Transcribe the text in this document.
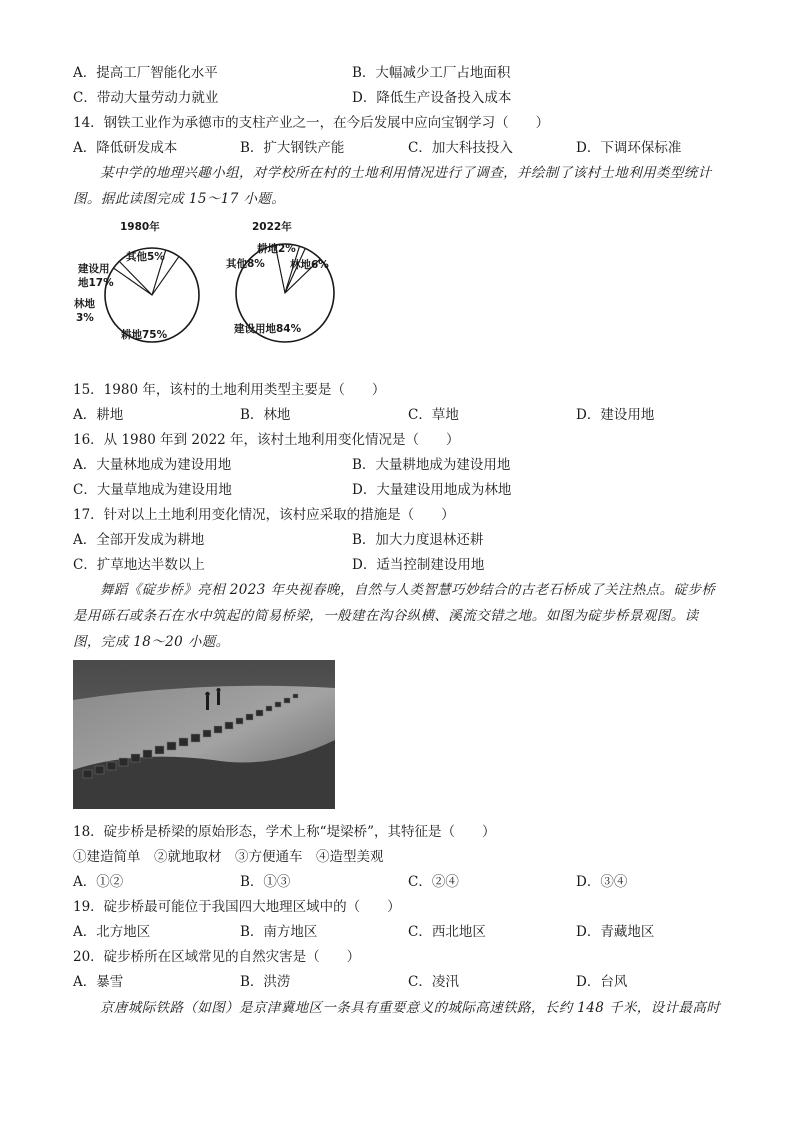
A．提高工厂智能化水平	B．大幅减少工厂占地面积
C．带动大量劳动力就业	D．降低生产设备投入成本
14．钢铁工业作为承德市的支柱产业之一，在今后发展中应向宝钢学习（　　）
A．降低研发成本	B．扩大钢铁产能	C．加大科技投入	D．下调环保标准
某中学的地理兴趣小组，对学校所在村的土地利用情况进行了调查，并绘制了该村土地利用类型统计图。据此读图完成 15～17 小题。
1980年
其他5%
建设用
地17%
林地
3%
耕地75%
2022年
耕地2%
其他8% 林地6%
建设用地84%
15．1980 年，该村的土地利用类型主要是（　　）
A．耕地	B．林地	C．草地	D．建设用地
16．从 1980 年到 2022 年，该村土地利用变化情况是（　　）
A．大量林地成为建设用地	B．大量耕地成为建设用地
C．大量草地成为建设用地	D．大量建设用地成为林地
17．针对以上土地利用变化情况，该村应采取的措施是（　　）
A．全部开发成为耕地	B．加大力度退林还耕
C．扩草地达半数以上	D．适当控制建设用地
舞蹈《碇步桥》亮相 2023 年央视春晚，自然与人类智慧巧妙结合的古老石桥成了关注热点。碇步桥是用砾石或条石在水中筑起的简易桥梁，一般建在沟谷纵横、溪流交错之地。如图为碇步桥景观图。读图，完成 18～20 小题。
18．碇步桥是桥梁的原始形态，学术上称“堤梁桥”，其特征是（　　）
①建造简单　②就地取材　③方便通车　④造型美观
A．①②	B．①③	C．②④	D．③④
19．碇步桥最可能位于我国四大地理区域中的（　　）
A．北方地区	B．南方地区	C．西北地区	D．青藏地区
20．碇步桥所在区域常见的自然灾害是（　　）
A．暴雪	B．洪涝	C．凌汛	D．台风
京唐城际铁路（如图）是京津冀地区一条具有重要意义的城际高速铁路，长约 148 千米，设计最高时
